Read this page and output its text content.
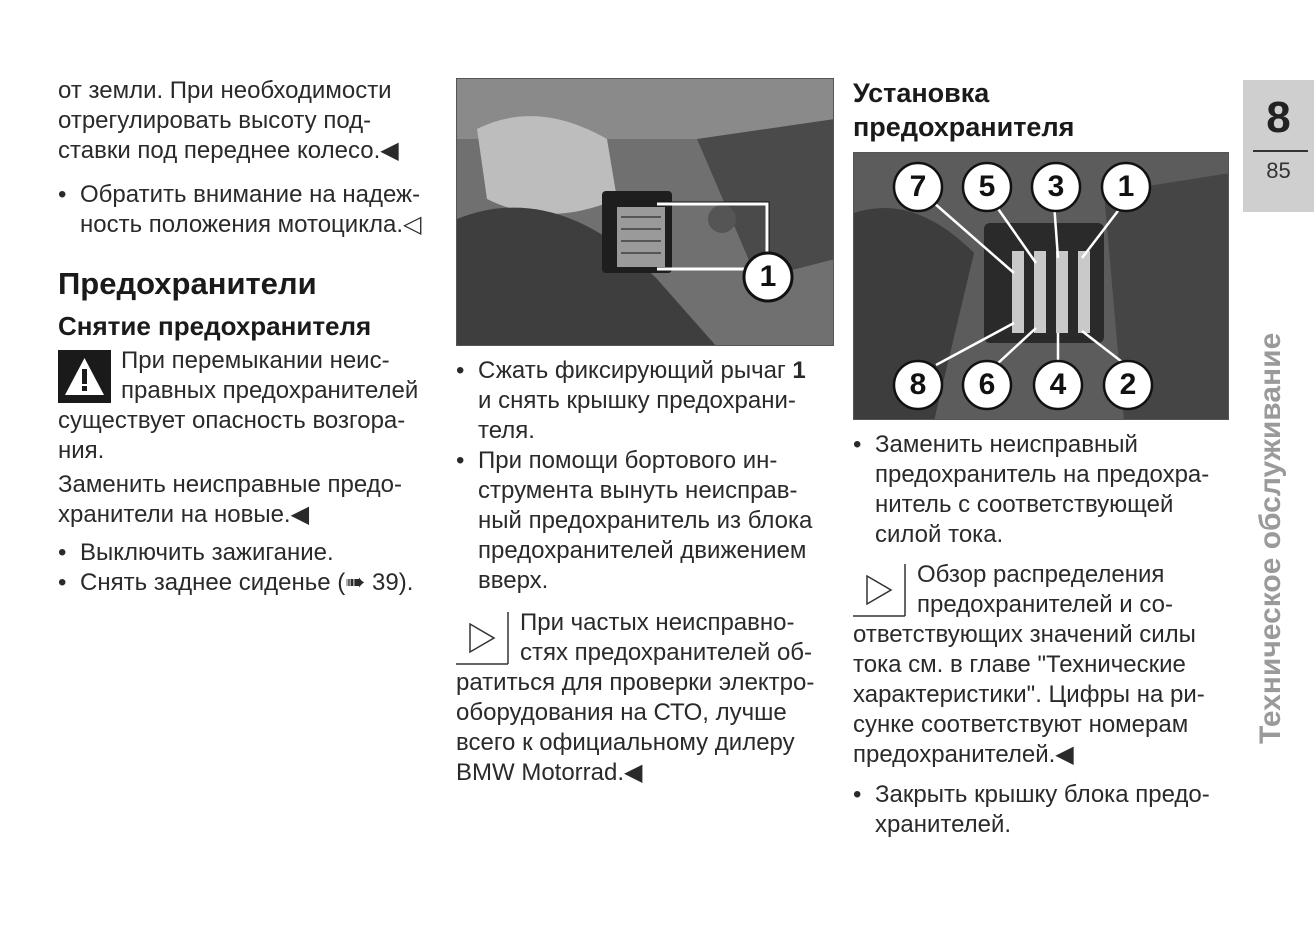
от земли. При необходимости

отрегулировать высоту под-

ставки под переднее колесо.◀

• Обратить внимание на надеж-

ность положения мотоцикла.◁

Предохранители
Снятие предохранителя

При перемыкании неис-

правных предохранителей

существует опасность возгора-

ния.

Заменить неисправные предо-

хранители на новые.◀

• Выключить зажигание.

• Снять заднее сиденье (➠ 39).

1

• Сжать фиксирующий рычаг 1

и снять крышку предохрани-

теля.

• При помощи бортового ин-

струмента вынуть неисправ-

ный предохранитель из блока

предохранителей движением

вверх.

При частых неисправно-

стях предохранителей об-

ратиться для проверки электро-

оборудования на СТО, лучше

всего к официальному дилеру

BMW Motorrad.◀

Установка
предохранителя
7	5	3	1
8	6	4	2

• Заменить неисправный

предохранитель на предохра-

нитель с соответствующей

силой тока.

Обзор распределения

предохранителей и со-

ответствующих значений силы

тока см. в главе "Технические

характеристики". Цифры на ри-

сунке соответствуют номерам

предохранителей.◀

• Закрыть крышку блока предо-

хранителей.

8
85
Техническое обслуживание
